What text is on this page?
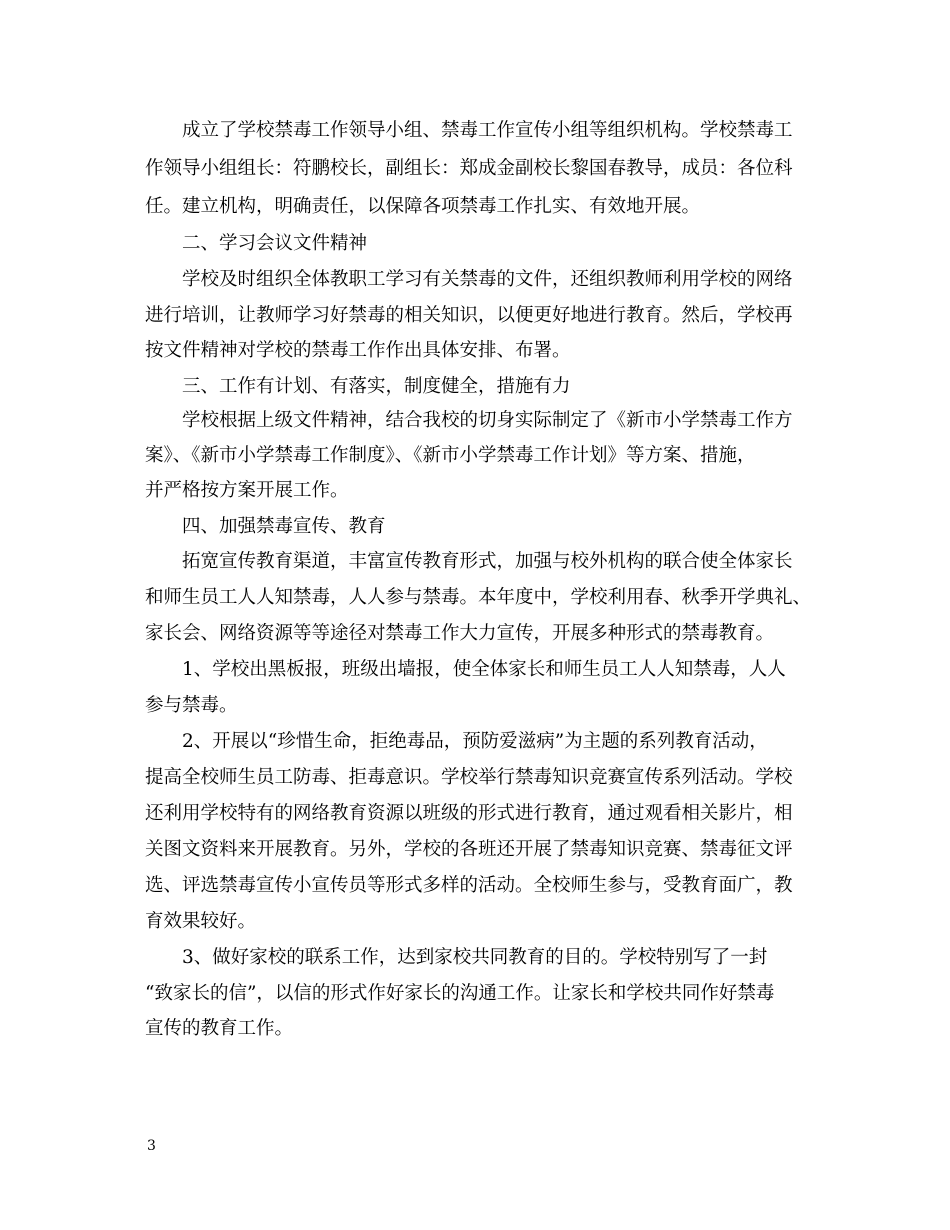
成立了学校禁毒工作领导小组、禁毒工作宣传小组等组织机构。学校禁毒工
作领导小组组长：符鹏校长，副组长：郑成金副校长黎国春教导，成员：各位科
任。建立机构，明确责任，以保障各项禁毒工作扎实、有效地开展。
二、学习会议文件精神
学校及时组织全体教职工学习有关禁毒的文件，还组织教师利用学校的网络
进行培训，让教师学习好禁毒的相关知识，以便更好地进行教育。然后，学校再
按文件精神对学校的禁毒工作作出具体安排、布署。
三、工作有计划、有落实，制度健全，措施有力
学校根据上级文件精神，结合我校的切身实际制定了《新市小学禁毒工作方
案》、《新市小学禁毒工作制度》、《新市小学禁毒工作计划》等方案、措施，
并严格按方案开展工作。
四、加强禁毒宣传、教育
拓宽宣传教育渠道，丰富宣传教育形式，加强与校外机构的联合使全体家长
和师生员工人人知禁毒，人人参与禁毒。本年度中，学校利用春、秋季开学典礼、
家长会、网络资源等等途径对禁毒工作大力宣传，开展多种形式的禁毒教育。
1、学校出黑板报，班级出墙报，使全体家长和师生员工人人知禁毒，人人
参与禁毒。
2、开展以“珍惜生命，拒绝毒品，预防爱滋病”为主题的系列教育活动，
提高全校师生员工防毒、拒毒意识。学校举行禁毒知识竞赛宣传系列活动。学校
还利用学校特有的网络教育资源以班级的形式进行教育，通过观看相关影片，相
关图文资料来开展教育。另外，学校的各班还开展了禁毒知识竞赛、禁毒征文评
选、评选禁毒宣传小宣传员等形式多样的活动。全校师生参与，受教育面广，教
育效果较好。
3、做好家校的联系工作，达到家校共同教育的目的。学校特别写了一封
“致家长的信”，以信的形式作好家长的沟通工作。让家长和学校共同作好禁毒
宣传的教育工作。
3
